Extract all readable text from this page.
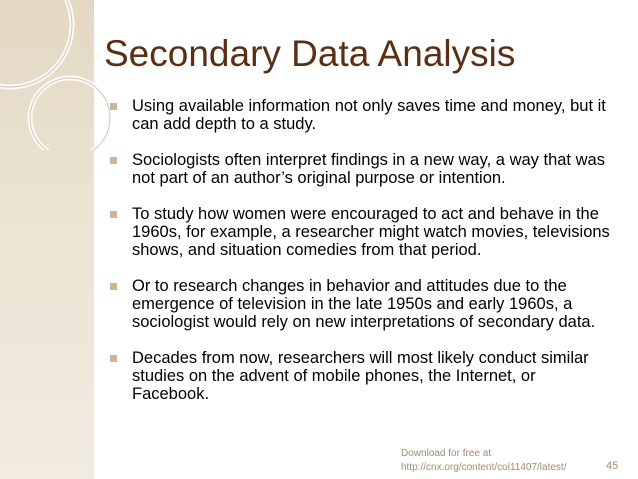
Secondary Data Analysis
Using available information not only saves time and money, but it can add depth to a study.
Sociologists often interpret findings in a new way, a way that was not part of an author’s original purpose or intention.
To study how women were encouraged to act and behave in the 1960s, for example, a researcher might watch movies, televisions shows, and situation comedies from that period.
Or to research changes in behavior and attitudes due to the emergence of television in the late 1950s and early 1960s, a sociologist would rely on new interpretations of secondary data.
Decades from now, researchers will most likely conduct similar studies on the advent of mobile phones, the Internet, or Facebook.
Download for free at
http://cnx.org/content/col11407/latest/	45
